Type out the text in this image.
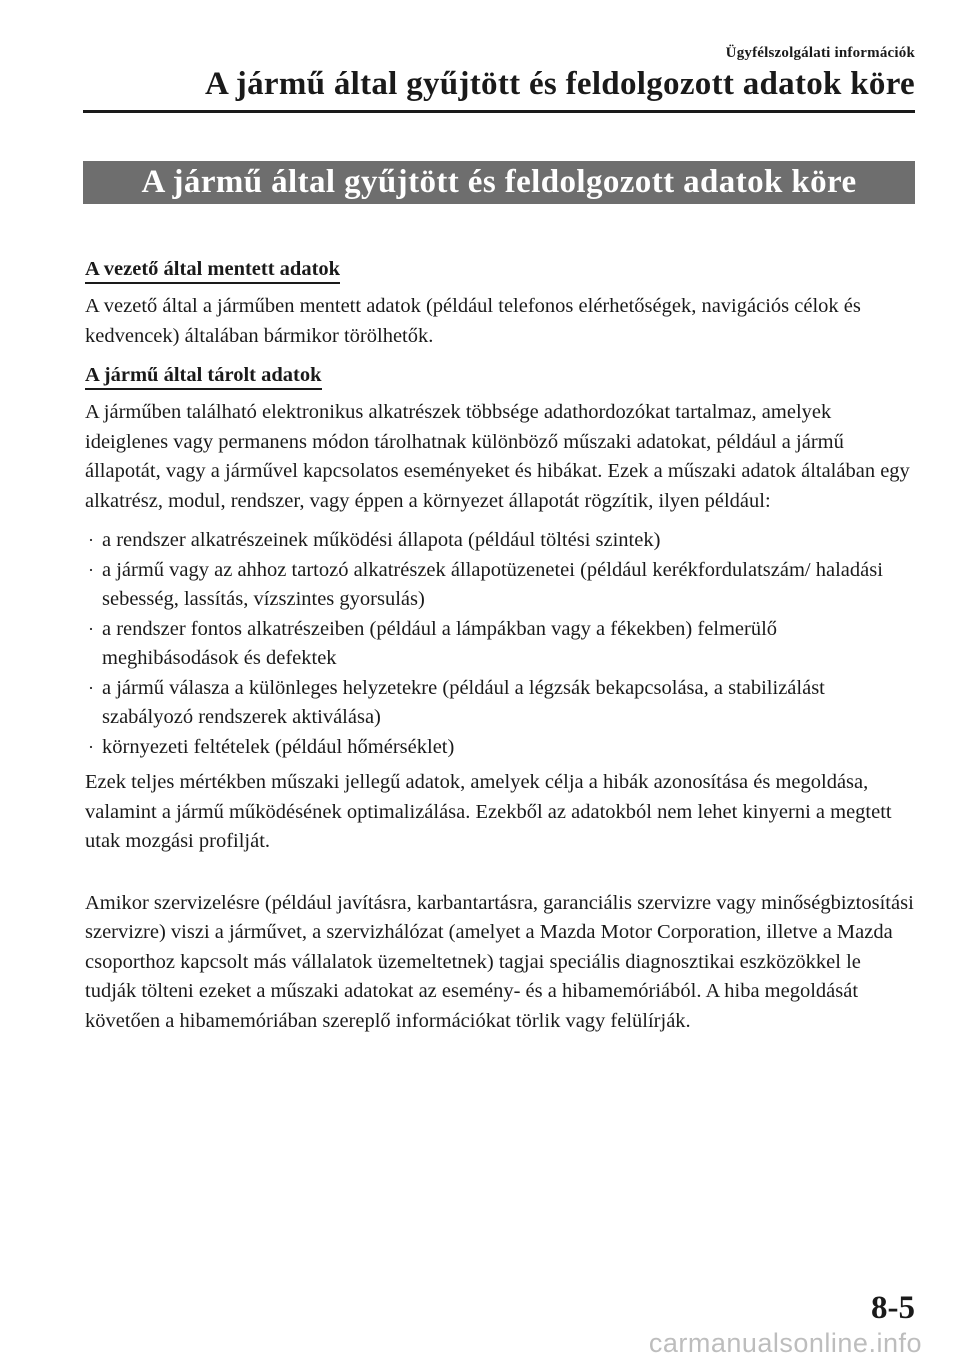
Ügyfélszolgálati információk
A jármű által gyűjtött és feldolgozott adatok köre
A jármű által gyűjtött és feldolgozott adatok köre
A vezető által mentett adatok

A vezető által a járműben mentett adatok (például telefonos elérhetőségek, navigációs célok és kedvencek) általában bármikor törölhetők.

A jármű által tárolt adatok

A járműben található elektronikus alkatrészek többsége adathordozókat tartalmaz, amelyek ideiglenes vagy permanens módon tárolhatnak különböző műszaki adatokat, például a jármű állapotát, vagy a járművel kapcsolatos eseményeket és hibákat. Ezek a műszaki adatok általában egy alkatrész, modul, rendszer, vagy éppen a környezet állapotát rögzítik, ilyen például:

· a rendszer alkatrészeinek működési állapota (például töltési szintek)
· a jármű vagy az ahhoz tartozó alkatrészek állapotüzenetei (például kerékfordulatszám/ haladási sebesség, lassítás, vízszintes gyorsulás)
· a rendszer fontos alkatrészeiben (például a lámpákban vagy a fékekben) felmerülő meghibásodások és defektek
· a jármű válasza a különleges helyzetekre (például a légzsák bekapcsolása, a stabilizálást szabályozó rendszerek aktiválása)
· környezeti feltételek (például hőmérséklet)

Ezek teljes mértékben műszaki jellegű adatok, amelyek célja a hibák azonosítása és megoldása, valamint a jármű működésének optimalizálása. Ezekből az adatokból nem lehet kinyerni a megtett utak mozgási profilját.

Amikor szervizelésre (például javításra, karbantartásra, garanciális szervizre vagy minőségbiztosítási szervizre) viszi a járművet, a szervizhálózat (amelyet a Mazda Motor Corporation, illetve a Mazda csoporthoz kapcsolt más vállalatok üzemeltetnek) tagjai speciális diagnosztikai eszközökkel le tudják tölteni ezeket a műszaki adatokat az esemény- és a hibamemóriából. A hiba megoldását követően a hibamemóriában szereplő információkat törlik vagy felülírják.

8-5
carmanualsonline.info
